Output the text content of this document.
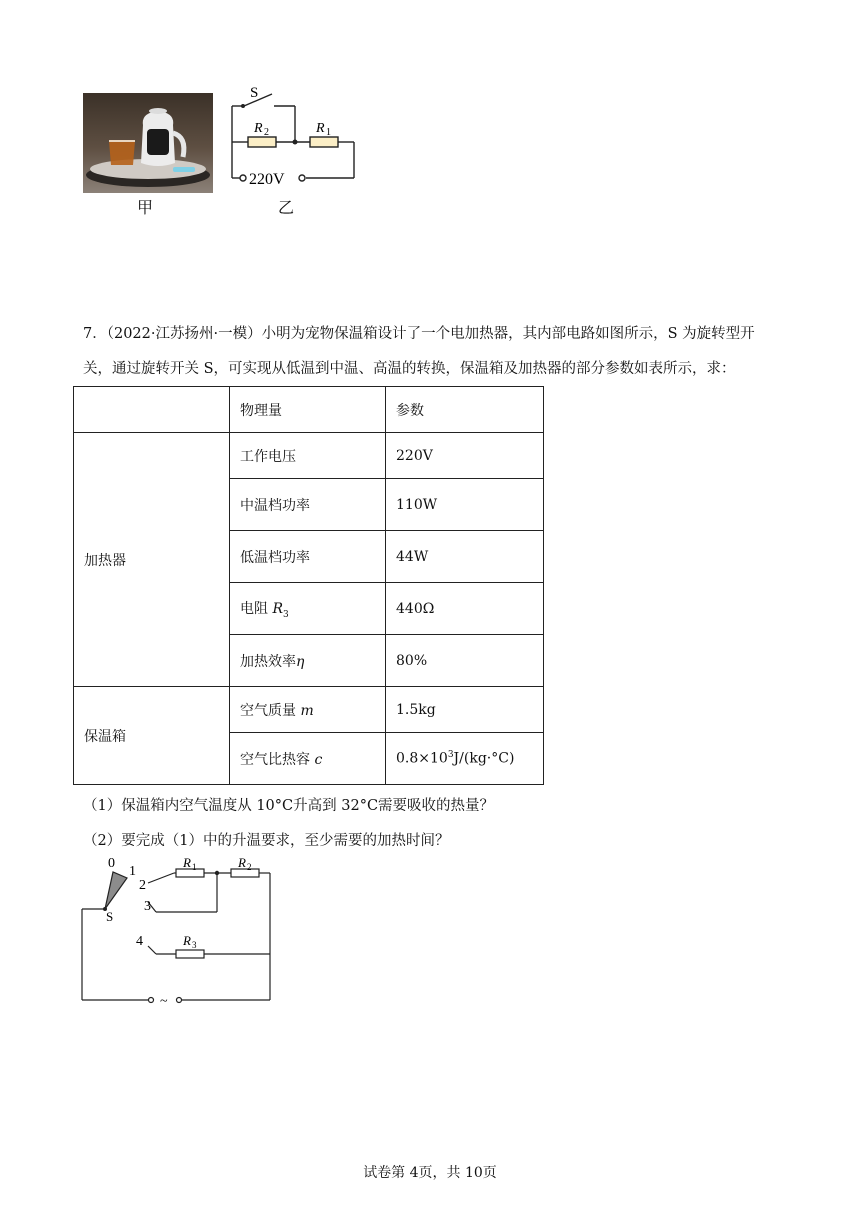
甲	乙
S
R 2	R 1
220V
7．（2022·江苏扬州·一模）小明为宠物保温箱设计了一个电加热器，其内部电路如图所示，S 为旋转型开
关，通过旋转开关 S，可实现从低温到中温、高温的转换，保温箱及加热器的部分参数如表所示，求：
	物理量	参数
加热器	工作电压	220V
	中温档功率	110W
	低温档功率	44W
	电阻 $R_3$	440Ω
	加热效率η	80%
保温箱	空气质量 m	1.5kg
	空气比热容 c	$0.8\times 10^3J/(kg\cdot^\circ C)$
（1）保温箱内空气温度从 10°C升高到 32°C需要吸收的热量？
（2）要完成（1）中的升温要求，至少需要的加热时间？
0
1
2
3
4
S
R 1	R 2
R 3
~
试卷第 4页，共 10页
